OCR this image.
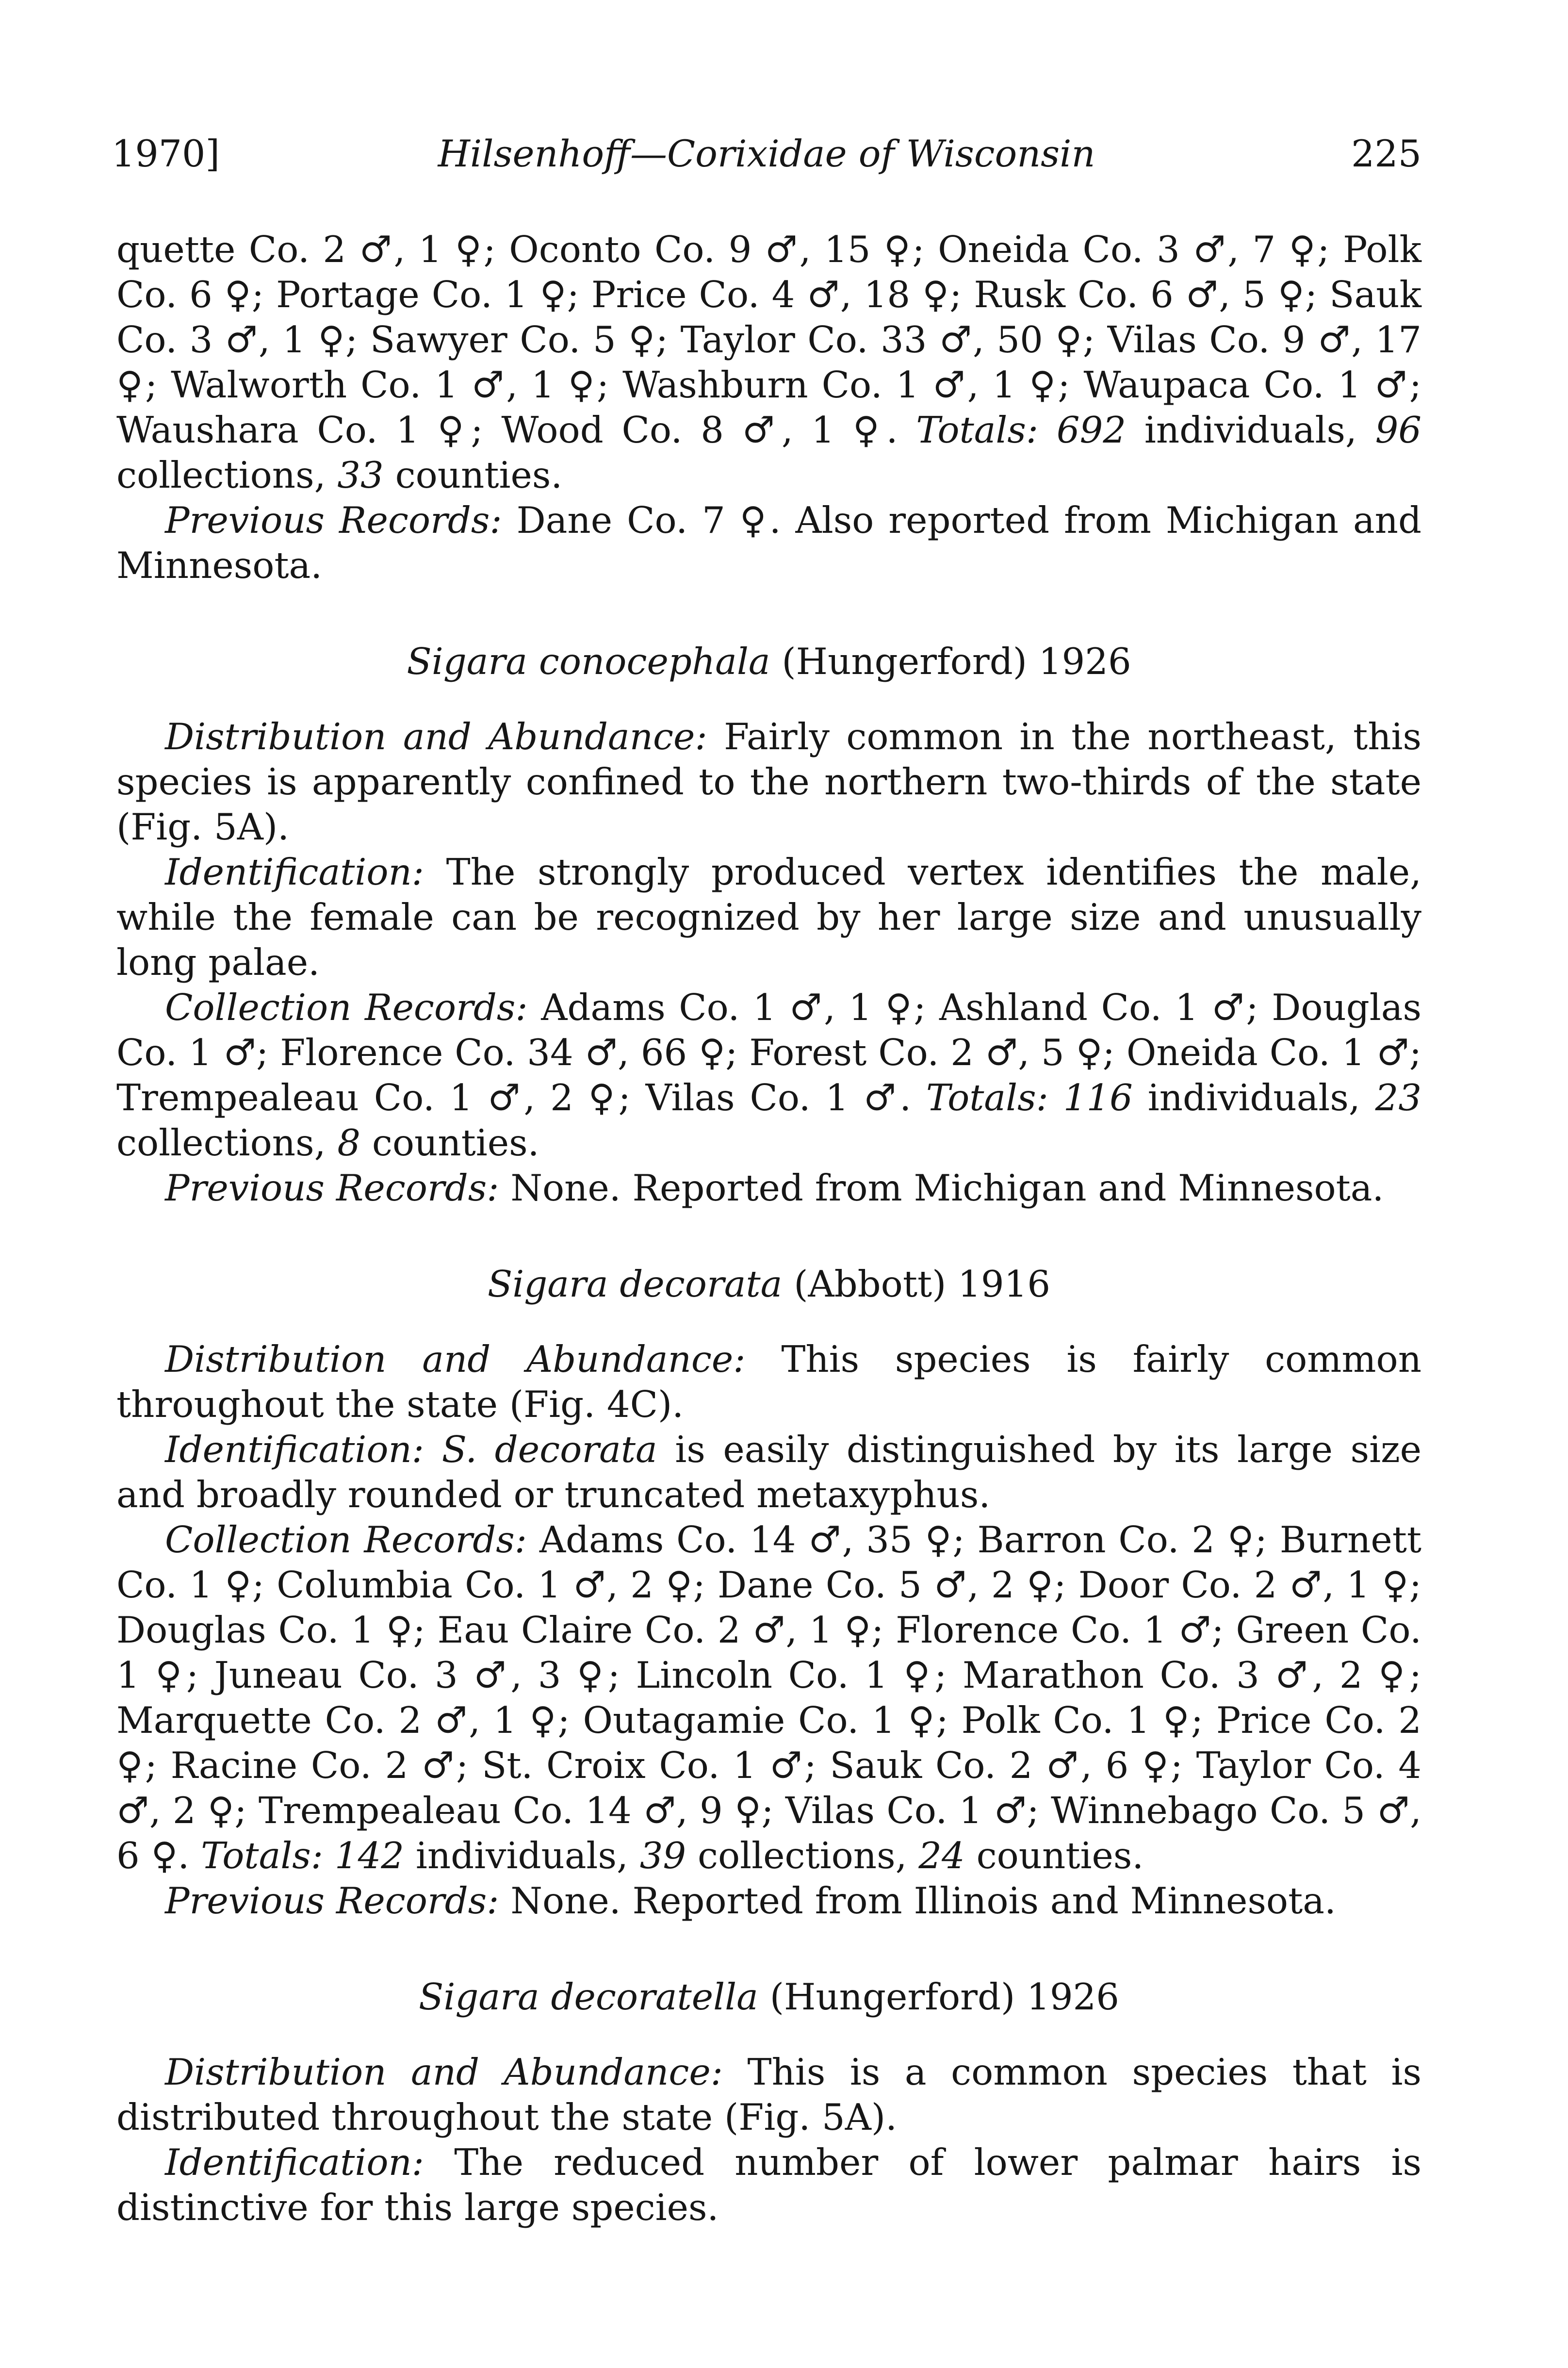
1970]	Hilsenhoff—Corixidae of Wisconsin	225

quette Co. 2 ♂, 1 ♀; Oconto Co. 9 ♂, 15 ♀; Oneida Co. 3 ♂, 7 ♀; Polk Co. 6 ♀; Portage Co. 1 ♀; Price Co. 4 ♂, 18 ♀; Rusk Co. 6 ♂, 5 ♀; Sauk Co. 3 ♂, 1 ♀; Sawyer Co. 5 ♀; Taylor Co. 33 ♂, 50 ♀; Vilas Co. 9 ♂, 17 ♀; Walworth Co. 1 ♂, 1 ♀; Washburn Co. 1 ♂, 1 ♀; Waupaca Co. 1 ♂; Waushara Co. 1 ♀; Wood Co. 8 ♂, 1 ♀. Totals: 692 individuals, 96 collections, 33 counties.

Previous Records: Dane Co. 7 ♀. Also reported from Michigan and Minnesota.

Sigara conocephala (Hungerford) 1926

Distribution and Abundance: Fairly common in the northeast, this species is apparently confined to the northern two-thirds of the state (Fig. 5A).

Identification: The strongly produced vertex identifies the male, while the female can be recognized by her large size and unusually long palae.

Collection Records: Adams Co. 1 ♂, 1 ♀; Ashland Co. 1 ♂; Douglas Co. 1 ♂; Florence Co. 34 ♂, 66 ♀; Forest Co. 2 ♂, 5 ♀; Oneida Co. 1 ♂; Trempealeau Co. 1 ♂, 2 ♀; Vilas Co. 1 ♂. Totals: 116 individuals, 23 collections, 8 counties.

Previous Records: None. Reported from Michigan and Minnesota.

Sigara decorata (Abbott) 1916

Distribution and Abundance: This species is fairly common throughout the state (Fig. 4C).

Identification: S. decorata is easily distinguished by its large size and broadly rounded or truncated metaxyphus.

Collection Records: Adams Co. 14 ♂, 35 ♀; Barron Co. 2 ♀; Burnett Co. 1 ♀; Columbia Co. 1 ♂, 2 ♀; Dane Co. 5 ♂, 2 ♀; Door Co. 2 ♂, 1 ♀; Douglas Co. 1 ♀; Eau Claire Co. 2 ♂, 1 ♀; Florence Co. 1 ♂; Green Co. 1 ♀; Juneau Co. 3 ♂, 3 ♀; Lincoln Co. 1 ♀; Marathon Co. 3 ♂, 2 ♀; Marquette Co. 2 ♂, 1 ♀; Outagamie Co. 1 ♀; Polk Co. 1 ♀; Price Co. 2 ♀; Racine Co. 2 ♂; St. Croix Co. 1 ♂; Sauk Co. 2 ♂, 6 ♀; Taylor Co. 4 ♂, 2 ♀; Trempealeau Co. 14 ♂, 9 ♀; Vilas Co. 1 ♂; Winnebago Co. 5 ♂, 6 ♀. Totals: 142 individuals, 39 collections, 24 counties.

Previous Records: None. Reported from Illinois and Minnesota.

Sigara decoratella (Hungerford) 1926

Distribution and Abundance: This is a common species that is distributed throughout the state (Fig. 5A).

Identification: The reduced number of lower palmar hairs is distinctive for this large species.
